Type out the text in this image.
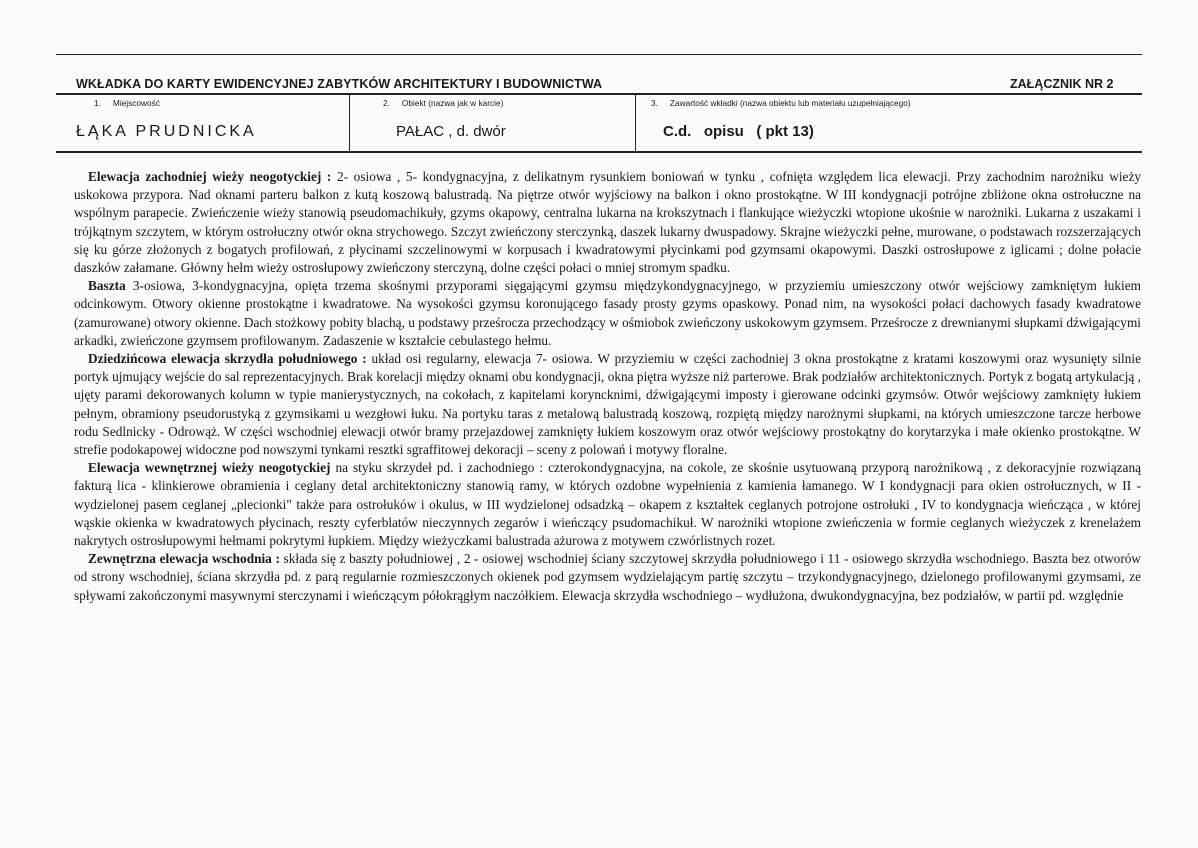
WKŁADKA DO KARTY EWIDENCYJNEJ ZABYTKÓW ARCHITEKTURY I BUDOWNICTWA	ZAŁĄCZNIK NR 2
1. Miejscowość	2. Obiekt (nazwa jak w karcie)	3. Zawartość wkładki (nazwa obiektu lub materiału uzupełniającego)
ŁĄKA PRUDNICKA	PAŁAC , d. dwór	C.d.   opisu   ( pkt 13)

Elewacja zachodniej wieży neogotyckiej : 2- osiowa , 5- kondygnacyjna, z delikatnym rysunkiem boniowań w tynku , cofnięta względem lica elewacji. Przy zachodnim narożniku wieży uskokowa przypora. Nad oknami parteru balkon z kutą koszową balustradą. Na piętrze otwór wyjściowy na balkon i okno prostokątne. W III kondygnacji potrójne zbliżone okna ostrołuczne na wspólnym parapecie. Zwieńczenie wieży stanowią pseudomachikuły, gzyms okapowy, centralna lukarna na krokszytnach i flankujące wieżyczki wtopione ukośnie w narożniki. Lukarna z uszakami i trójkątnym szczytem, w którym ostrołuczny otwór okna strychowego. Szczyt zwieńczony sterczynką, daszek lukarny dwuspadowy. Skrajne wieżyczki pełne, murowane, o podstawach rozszerzających się ku górze złożonych z bogatych profilowań, z płycinami szczelinowymi w korpusach i kwadratowymi płycinkami pod gzymsami okapowymi. Daszki ostrosłupowe z iglicami ; dolne połacie daszków załamane. Główny hełm wieży ostrosłupowy zwieńczony sterczyną, dolne części połaci o mniej stromym spadku.

Baszta 3-osiowa, 3-kondygnacyjna, opięta trzema skośnymi przyporami sięgającymi gzymsu międzykondygnacyjnego, w przyziemiu umieszczony otwór wejściowy zamkniętym łukiem odcinkowym. Otwory okienne prostokątne i kwadratowe. Na wysokości gzymsu koronującego fasady prosty gzyms opaskowy. Ponad nim, na wysokości połaci dachowych fasady kwadratowe (zamurowane) otwory okienne. Dach stożkowy pobity blachą, u podstawy prześrocza przechodzący w ośmiobok zwieńczony uskokowym gzymsem. Prześrocze z drewnianymi słupkami dźwigającymi arkadki, zwieńczone gzymsem profilowanym. Zadaszenie w kształcie cebulastego hełmu.

Dziedzińcowa elewacja skrzydła południowego : układ osi regularny, elewacja 7- osiowa. W przyziemiu w części zachodniej 3 okna prostokątne z kratami koszowymi oraz wysunięty silnie portyk ujmujący wejście do sal reprezentacyjnych. Brak korelacji między oknami obu kondygnacji, okna piętra wyższe niż parterowe. Brak podziałów architektonicznych. Portyk z bogatą artykulacją , ujęty parami dekorowanych kolumn w typie manierystycznych, na cokołach, z kapitelami koryncknimi, dźwigającymi imposty i gierowane odcinki gzymsów. Otwór wejściowy zamknięty łukiem pełnym, obramiony pseudorustyką z gzymsikami u wezgłowi łuku. Na portyku taras z metalową balustradą koszową, rozpiętą między narożnymi słupkami, na których umieszczone tarcze herbowe rodu Sedlnicky - Odrowąż. W części wschodniej elewacji otwór bramy przejazdowej zamknięty łukiem koszowym oraz otwór wejściowy prostokątny do korytarzyka i małe okienko prostokątne. W strefie podokapowej widoczne pod nowszymi tynkami resztki sgraffitowej dekoracji – sceny z polowań i motywy floralne.

Elewacja wewnętrznej wieży neogotyckiej na styku skrzydeł pd. i zachodniego : czterokondygnacyjna, na cokole, ze skośnie usytuowaną przyporą narożnikową , z dekoracyjnie rozwiązaną fakturą lica - klinkierowe obramienia i ceglany detal architektoniczny stanowią ramy, w których ozdobne wypełnienia z kamienia łamanego. W I kondygnacji para okien ostrołucznych, w II - wydzielonej pasem ceglanej „plecionki" także para ostrołuków i okulus, w III wydzielonej odsadzką – okapem z kształtek ceglanych potrojone ostrołuki , IV to kondygnacja wieńcząca , w której wąskie okienka w kwadratowych płycinach, reszty cyferblatów nieczynnych zegarów i wieńczący psudomachikuł. W narożniki wtopione zwieńczenia w formie ceglanych wieżyczek z krenelażem nakrytych ostrosłupowymi hełmami pokrytymi łupkiem. Między wieżyczkami balustrada ażurowa z motywem czwórlistnych rozet.

Zewnętrzna elewacja wschodnia : składa się z baszty południowej , 2 - osiowej wschodniej ściany szczytowej skrzydła południowego i 11 - osiowego skrzydła wschodniego. Baszta bez otworów od strony wschodniej, ściana skrzydła pd. z parą regularnie rozmieszczonych okienek pod gzymsem wydzielającym partię szczytu – trzykondygnacyjnego, dzielonego profilowanymi gzymsami, ze spływami zakończonymi masywnymi sterczynami i wieńczącym półokrągłym naczółkiem. Elewacja skrzydła wschodniego – wydłużona, dwukondygnacyjna, bez podziałów, w partii pd. względnie
